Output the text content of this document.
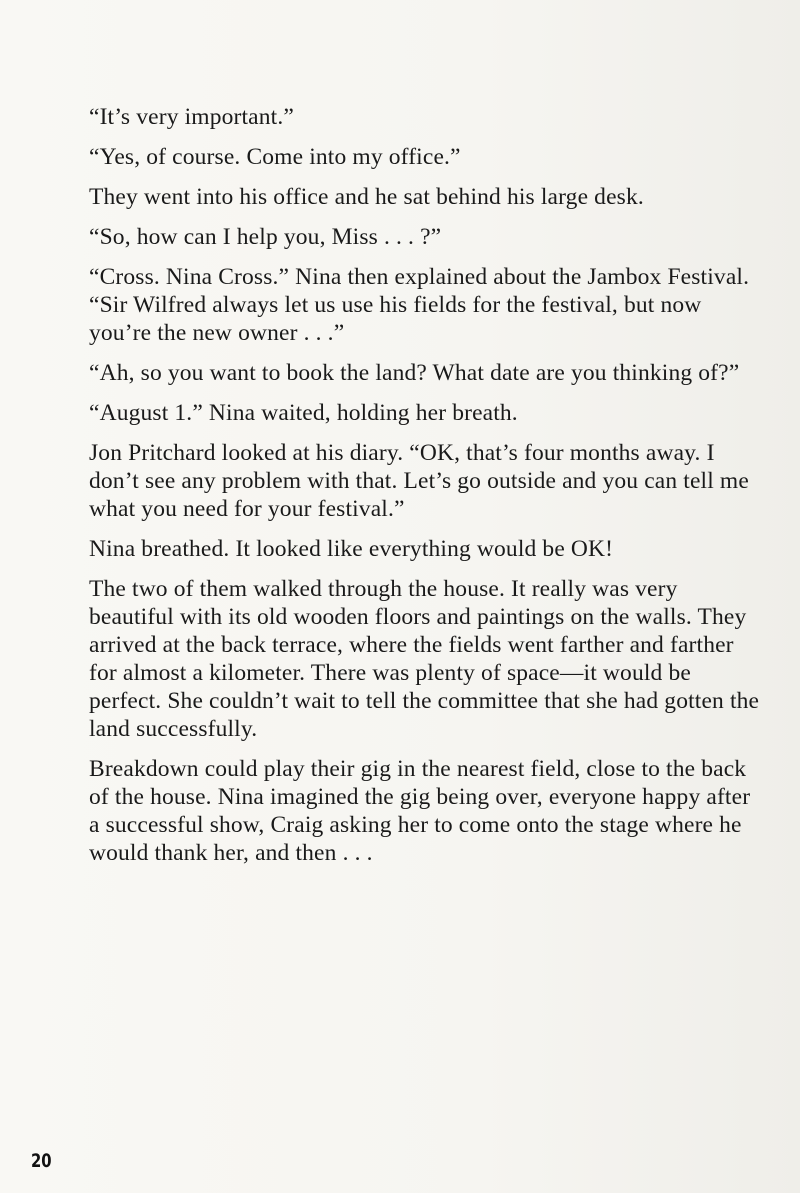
“It’s very important.”

“Yes, of course. Come into my office.”

They went into his office and he sat behind his large desk.

“So, how can I help you, Miss . . . ?”

“Cross. Nina Cross.” Nina then explained about the Jambox Festival. “Sir Wilfred always let us use his fields for the festival, but now you’re the new owner . . .”

“Ah, so you want to book the land? What date are you thinking of?”

“August 1.” Nina waited, holding her breath.

Jon Pritchard looked at his diary. “OK, that’s four months away. I don’t see any problem with that. Let’s go outside and you can tell me what you need for your festival.”

Nina breathed. It looked like everything would be OK!

The two of them walked through the house. It really was very beautiful with its old wooden floors and paintings on the walls. They arrived at the back terrace, where the fields went farther and farther for almost a kilometer. There was plenty of space—it would be perfect. She couldn’t wait to tell the committee that she had gotten the land successfully.

Breakdown could play their gig in the nearest field, close to the back of the house. Nina imagined the gig being over, everyone happy after a successful show, Craig asking her to come onto the stage where he would thank her, and then . . .

20
